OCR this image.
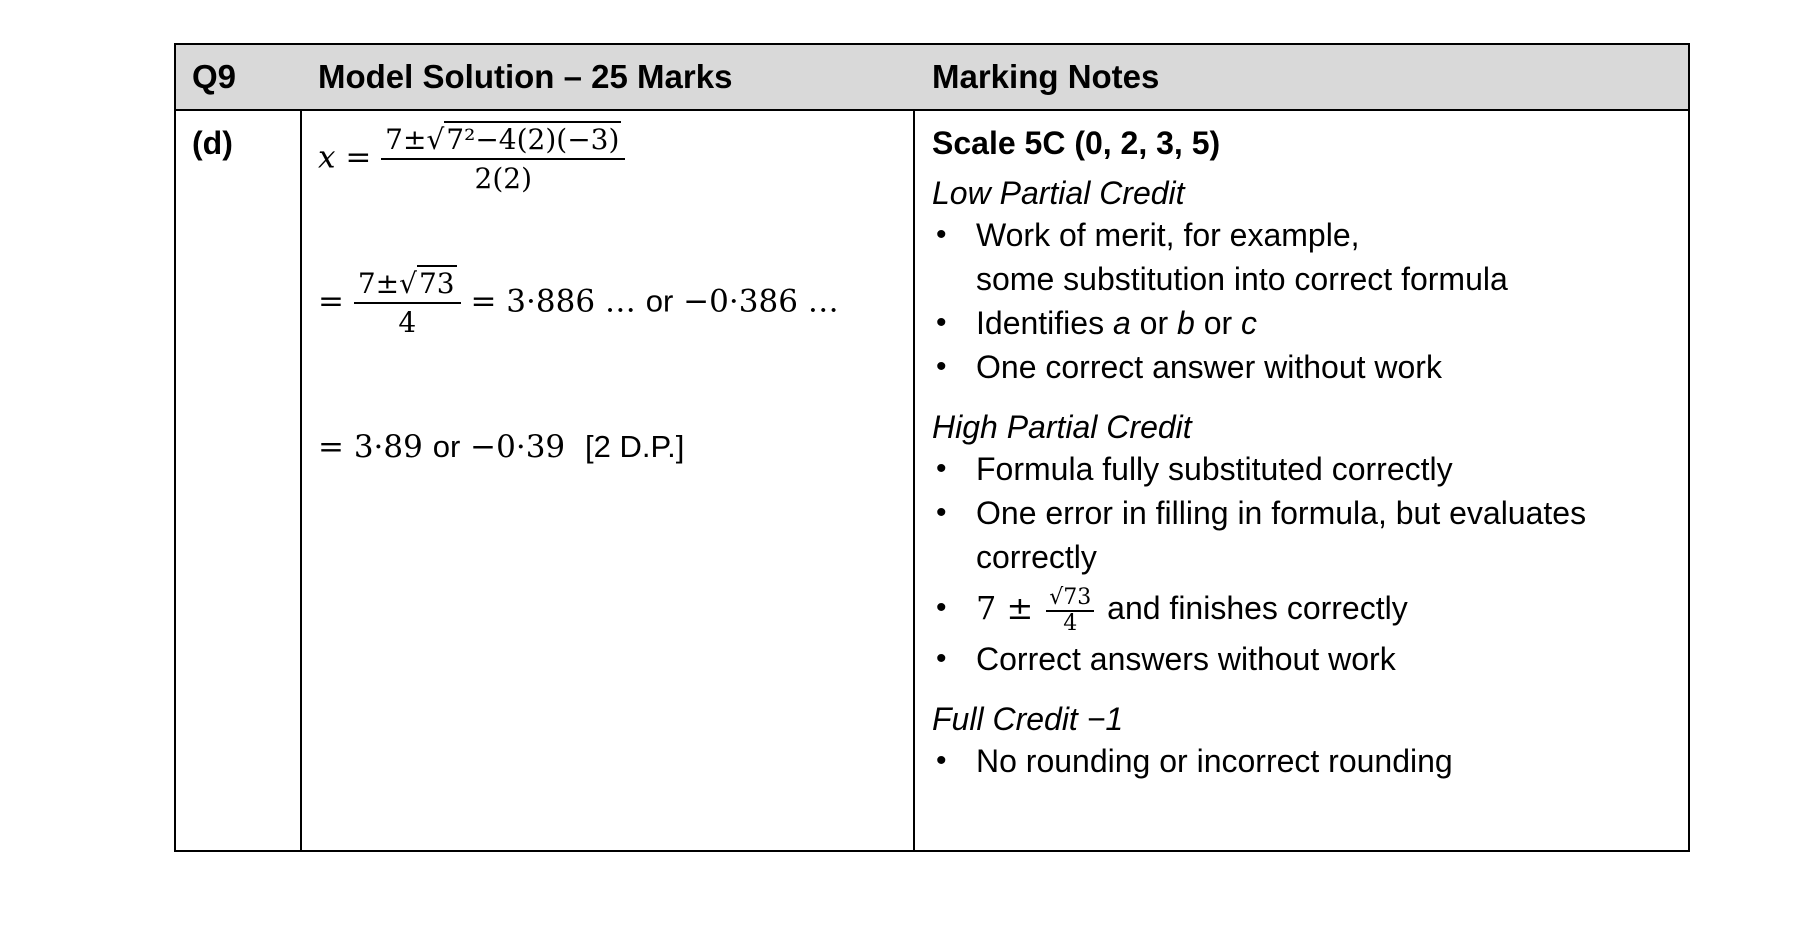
Q9 Model Solution – 25 Marks	Marking Notes
(d)	$x = \frac{\text{7±√7²−4(2)(−3)}}{2(2)}$
= $\frac{7\pm√73}{4} = 3\cdot 886$ … or −0·386 …
= 3·89 or −0·39 [2 D.P.]
Scale 5C (0, 2, 3, 5)
Low Partial Credit
• Work of merit, for example,
some substitution into correct formula
• Identifies a or b or c
• One correct answer without work
High Partial Credit
• Formula fully substituted correctly
• One error in filling in formula, but evaluates
correctly
• $7 \pm \frac{√73}{4}$ and finishes correctly
• Correct answers without work
Full Credit −1
• No rounding or incorrect rounding
